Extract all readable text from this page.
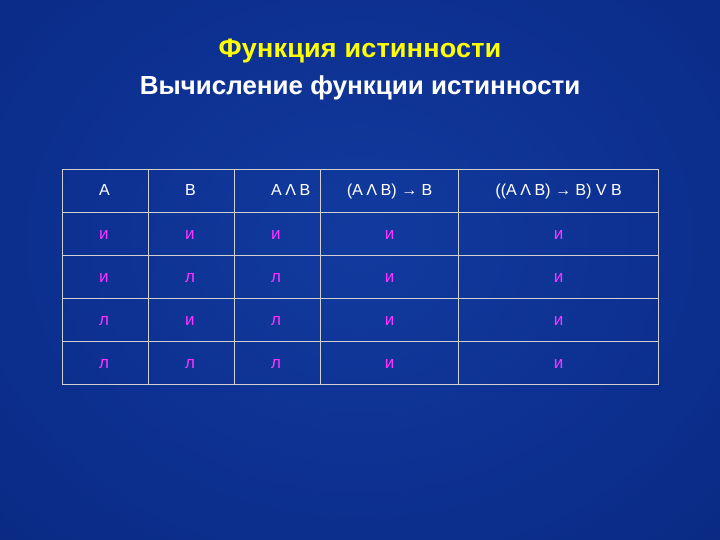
Функция истинности
Вычисление функции истинности
A	B	A Λ B	(A Λ B) → B	((A Λ B) → B) V B
и	и	и	и	и
и	л	л	и	и
л	и	л	и	и
л	л	л	и	и
